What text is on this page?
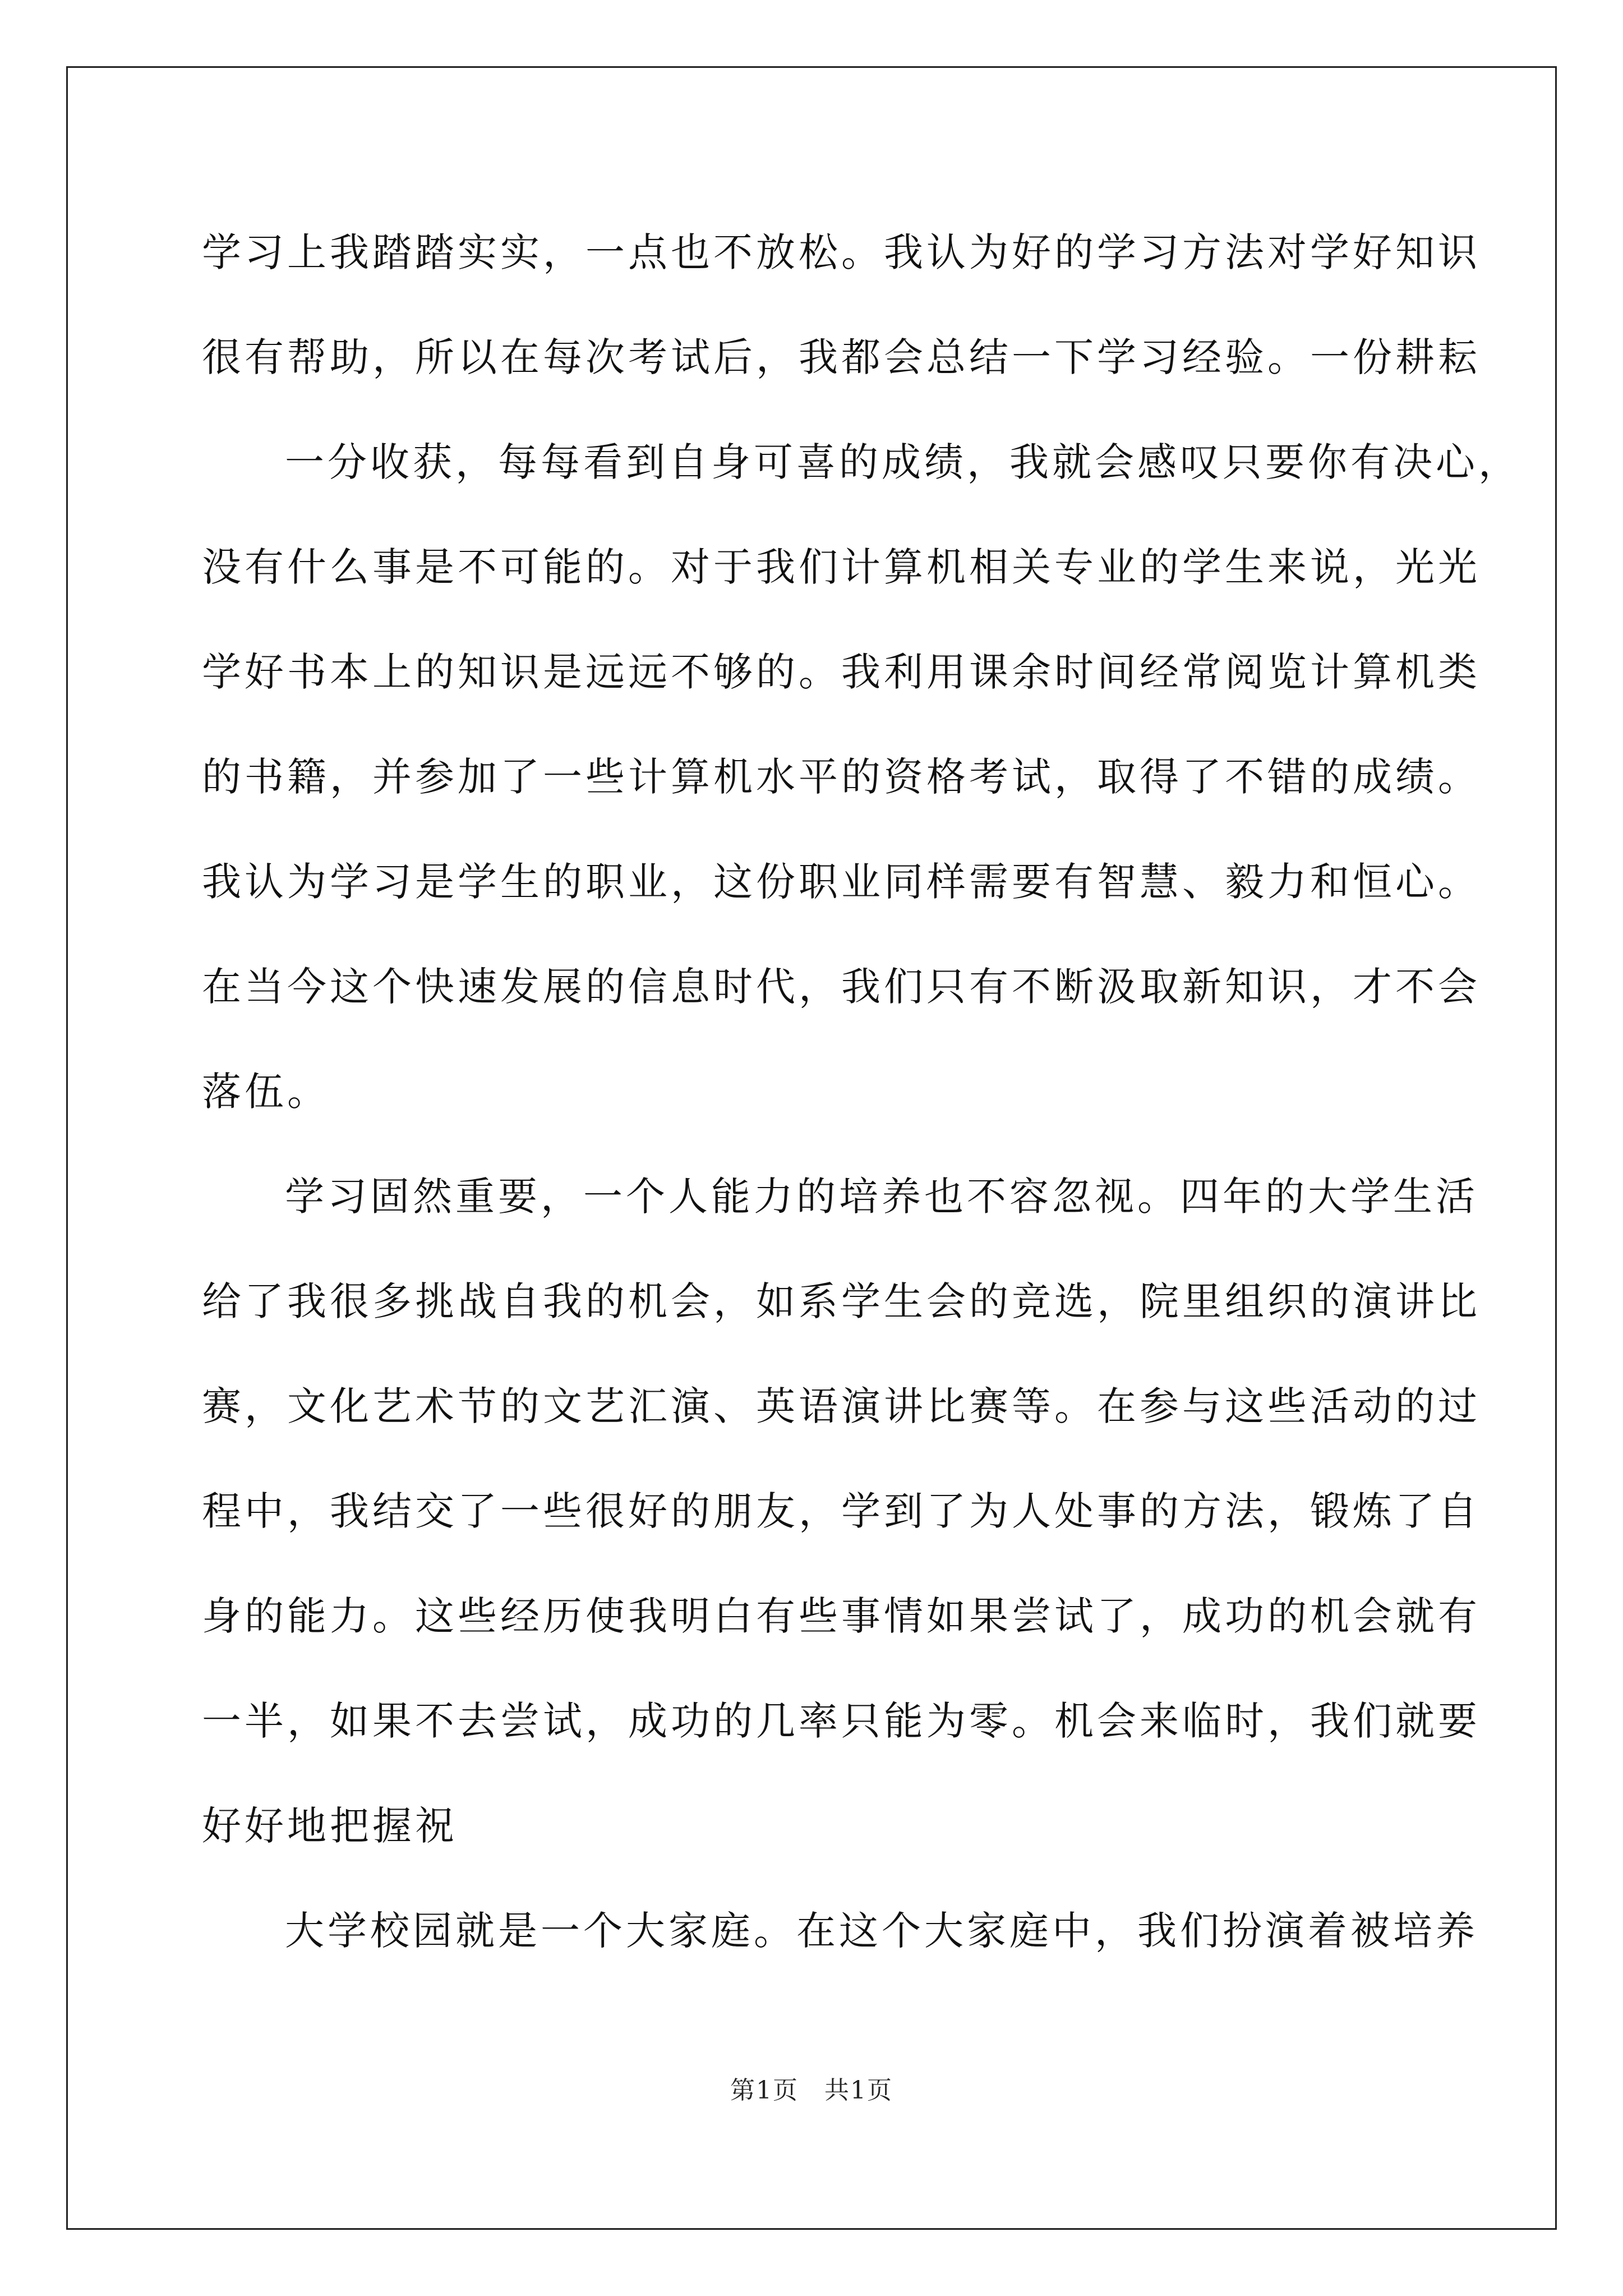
学习上我踏踏实实，一点也不放松。我认为好的学习方法对学好知识
很有帮助，所以在每次考试后，我都会总结一下学习经验。一份耕耘
一分收获，每每看到自身可喜的成绩，我就会感叹只要你有决心，
没有什么事是不可能的。对于我们计算机相关专业的学生来说，光光
学好书本上的知识是远远不够的。我利用课余时间经常阅览计算机类
的书籍，并参加了一些计算机水平的资格考试，取得了不错的成绩。
我认为学习是学生的职业，这份职业同样需要有智慧、毅力和恒心。
在当今这个快速发展的信息时代，我们只有不断汲取新知识，才不会
落伍。
学习固然重要，一个人能力的培养也不容忽视。四年的大学生活
给了我很多挑战自我的机会，如系学生会的竞选，院里组织的演讲比
赛，文化艺术节的文艺汇演、英语演讲比赛等。在参与这些活动的过
程中，我结交了一些很好的朋友，学到了为人处事的方法，锻炼了自
身的能力。这些经历使我明白有些事情如果尝试了，成功的机会就有
一半，如果不去尝试，成功的几率只能为零。机会来临时，我们就要
好好地把握祝
大学校园就是一个大家庭。在这个大家庭中，我们扮演着被培养
第1页　共1页
